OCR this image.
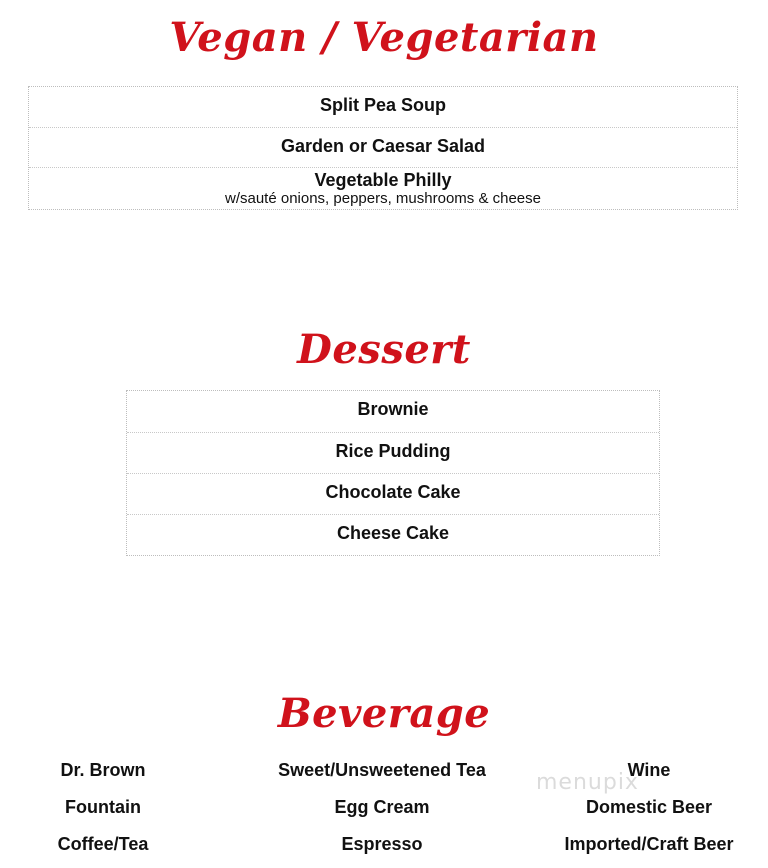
Vegan / Vegetarian
Split Pea Soup
Garden or Caesar Salad
Vegetable Philly
w/sauté onions, peppers, mushrooms & cheese
Dessert
Brownie
Rice Pudding
Chocolate Cake
Cheese Cake
Beverage
Dr. Brown
Fountain
Coffee/Tea
Sweet/Unsweetened Tea
Egg Cream
Espresso
Wine
Domestic Beer
Imported/Craft Beer
menupix
